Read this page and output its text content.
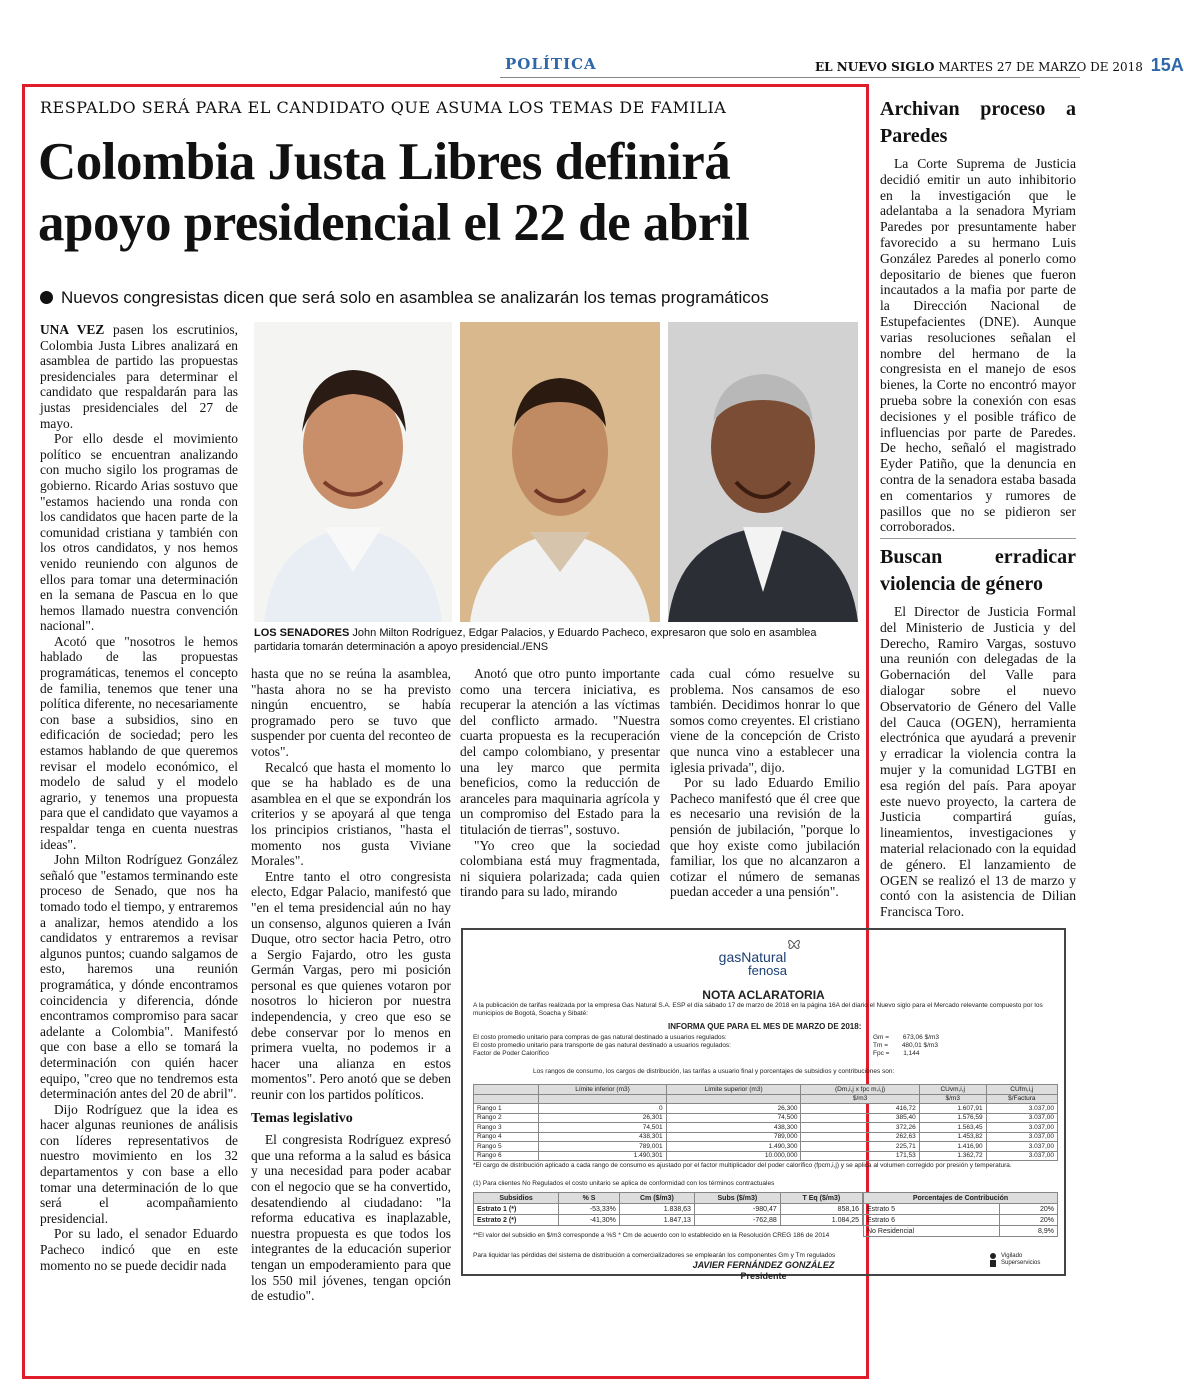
POLÍTICA	EL NUEVO SIGLO MARTES 27 DE MARZO DE 2018 15A
RESPALDO SERÁ PARA EL CANDIDATO QUE ASUMA LOS TEMAS DE FAMILIA
Colombia Justa Libres definirá apoyo presidencial el 22 de abril
Nuevos congresistas dicen que será solo en asamblea se analizarán los temas programáticos

UNA VEZ pasen los escrutinios, Colombia Justa Libres analizará en asamblea de partido las propuestas presidenciales para determinar el candidato que respaldarán para las justas presidenciales del 27 de mayo.

Por ello desde el movimiento político se encuentran analizando con mucho sigilo los programas de gobierno. Ricardo Arias sostuvo que "estamos haciendo una ronda con los candidatos que hacen parte de la comunidad cristiana y también con los otros candidatos, y nos hemos venido reuniendo con algunos de ellos para tomar una determinación en la semana de Pascua en lo que hemos llamado nuestra convención nacional".

Acotó que "nosotros le hemos hablado de las propuestas programáticas, tenemos el concepto de familia, tenemos que tener una política diferente, no necesariamente con base a subsidios, sino en edificación de sociedad; pero les estamos hablando de que queremos revisar el modelo económico, el modelo de salud y el modelo agrario, y tenemos una propuesta para que el candidato que vayamos a respaldar tenga en cuenta nuestras ideas".

John Milton Rodríguez González señaló que "estamos terminando este proceso de Senado, que nos ha tomado todo el tiempo, y entraremos a analizar, hemos atendido a los candidatos y entraremos a revisar algunos puntos; cuando salgamos de esto, haremos una reunión programática, y dónde encontramos coincidencia y diferencia, dónde encontramos compromiso para sacar adelante a Colombia". Manifestó que con base a ello se tomará la determinación con quién hacer equipo, "creo que no tendremos esta determinación antes del 20 de abril".

Dijo Rodríguez que la idea es hacer algunas reuniones de análisis con líderes representativos de nuestro movimiento en los 32 departamentos y con base a ello tomar una determinación de lo que será el acompañamiento presidencial.

Por su lado, el senador Eduardo Pacheco indicó que en este momento no se puede decidir nada

LOS SENADORES John Milton Rodríguez, Edgar Palacios, y Eduardo Pacheco, expresaron que solo en asamblea partidaria tomarán determinación a apoyo presidencial./ENS

hasta que no se reúna la asamblea, "hasta ahora no se ha previsto ningún encuentro, se había programado pero se tuvo que suspender por cuenta del reconteo de votos".

Recalcó que hasta el momento lo que se ha hablado es de una asamblea en el que se expondrán los criterios y se apoyará al que tenga los principios cristianos, "hasta el momento nos gusta Viviane Morales".

Entre tanto el otro congresista electo, Edgar Palacio, manifestó que "en el tema presidencial aún no hay un consenso, algunos quieren a Iván Duque, otro sector hacia Petro, otro a Sergio Fajardo, otro les gusta Germán Vargas, pero mi posición personal es que quienes votaron por nosotros lo hicieron por nuestra independencia, y creo que eso se debe conservar por lo menos en primera vuelta, no podemos ir a hacer una alianza en estos momentos". Pero anotó que se deben reunir con los partidos políticos.

Temas legislativo

El congresista Rodríguez expresó que una reforma a la salud es básica y una necesidad para poder acabar con el negocio que se ha convertido, desatendiendo al ciudadano: "la reforma educativa es inaplazable, nuestra propuesta es que todos los integrantes de la educación superior tengan un empoderamiento para que los 550 mil jóvenes, tengan opción de estudio".

Anotó que otro punto importante como una tercera iniciativa, es recuperar la atención a las víctimas del conflicto armado. "Nuestra cuarta propuesta es la recuperación del campo colombiano, y presentar una ley marco que permita beneficios, como la reducción de aranceles para maquinaria agrícola y un compromiso del Estado para la titulación de tierras", sostuvo.

"Yo creo que la sociedad colombiana está muy fragmentada, ni siquiera polarizada; cada quien tirando para su lado, mirando

cada cual cómo resuelve su problema. Nos cansamos de eso también. Decidimos honrar lo que somos como creyentes. El cristiano viene de la concepción de Cristo que nunca vino a establecer una iglesia privada", dijo.

Por su lado Eduardo Emilio Pacheco manifestó que él cree que es necesario una revisión de la pensión de jubilación, "porque lo que hoy existe como jubilación familiar, los que no alcanzaron a cotizar el número de semanas puedan acceder a una pensión".

Archivan proceso a Paredes

La Corte Suprema de Justicia decidió emitir un auto inhibitorio en la investigación que le adelantaba a la senadora Myriam Paredes por presuntamente haber favorecido a su hermano Luis González Paredes al ponerlo como depositario de bienes que fueron incautados a la mafia por parte de la Dirección Nacional de Estupefacientes (DNE). Aunque varias resoluciones señalan el nombre del hermano de la congresista en el manejo de esos bienes, la Corte no encontró mayor prueba sobre la conexión con esas decisiones y el posible tráfico de influencias por parte de Paredes. De hecho, señaló el magistrado Eyder Patiño, que la denuncia en contra de la senadora estaba basada en comentarios y rumores de pasillos que no se pidieron ser corroborados.

Buscan erradicar violencia de género

El Director de Justicia Formal del Ministerio de Justicia y del Derecho, Ramiro Vargas, sostuvo una reunión con delegadas de la Gobernación del Valle para dialogar sobre el nuevo Observatorio de Género del Valle del Cauca (OGEN), herramienta electrónica que ayudará a prevenir y erradicar la violencia contra la mujer y la comunidad LGTBI en esa región del país. Para apoyar este nuevo proyecto, la cartera de Justicia compartirá guías, lineamientos, investigaciones y material relacionado con la equidad de género. El lanzamiento de OGEN se realizó el 13 de marzo y contó con la asistencia de Dilian Francisca Toro.

gasNatural
fenosa
NOTA ACLARATORIA
A la publicación de tarifas realizada por la empresa Gas Natural S.A. ESP el día sábado 17 de marzo de 2018 en la página 16A del diario el Nuevo siglo para el Mercado relevante compuesto por los municipios de Bogotá, Soacha y Sibaté:
INFORMA QUE PARA EL MES DE MARZO DE 2018:
El costo promedio unitario para compras de gas natural destinado a usuarios regulados:
El costo promedio unitario para transporte de gas natural destinado a usuarios regulados:
Factor de Poder Calorífico
Gm = 673,06 $/m3
Tm = 480,01 $/m3
Fpc = 1,144
Los rangos de consumo, los cargos de distribución, las tarifas a usuario final y porcentajes de subsidios y contribuciones son:
	Límite inferior (m3)	Límite superior (m3)	(Dm,i,j x fpc m,i,j)	CUvm,i,j	CUfm,i,j
			$/m3	$/m3	$/Factura
Rango 1	0	26,300	416,72	1.607,91	3.037,00
Rango 2	26,301	74,500	385,40	1.576,59	3.037,00
Rango 3	74,501	438,300	372,26	1.563,45	3.037,00
Rango 4	438,301	789,000	262,63	1.453,82	3.037,00
Rango 5	789,001	1.490,300	225,71	1.416,90	3.037,00
Rango 6	1.490,301	10.000,000	171,53	1.362,72	3.037,00
*El cargo de distribución aplicado a cada rango de consumo es ajustado por el factor multiplicador del poder calorífico (fpcm,i,j) y se aplica al volumen corregido por presión y temperatura.
(1) Para clientes No Regulados el costo unitario se aplica de conformidad con los términos contractuales
Subsidios	% S	Cm ($/m3)	Subs ($/m3)	T Eq ($/m3)
Estrato 1 (*)	-53,33%	1.838,63	-980,47	858,16
Estrato 2 (*)	-41,30%	1.847,13	-762,88	1.084,25
Porcentajes de Contribución	
Estrato 5	20%
Estrato 6	20%
No Residencial	8,9%
**El valor del subsidio en $/m3 corresponde a %S * Cm de acuerdo con lo establecido en la Resolución CREG 186 de 2014
Para liquidar las pérdidas del sistema de distribución a comercializadores se emplearán los componentes Gm y Tm regulados
JAVIER FERNÁNDEZ GONZÁLEZ
Presidente
Vigilado Superservicios
